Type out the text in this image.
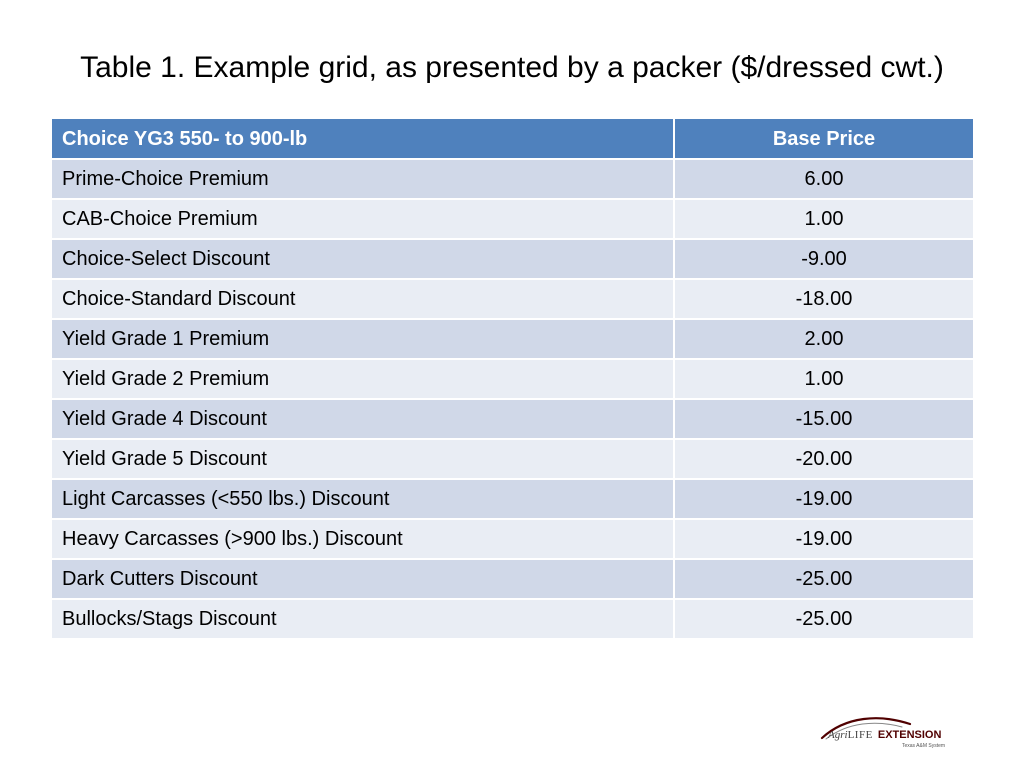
Table 1. Example grid, as presented by a packer ($/dressed cwt.)
Choice YG3 550- to 900-lb	Base Price
Prime-Choice Premium	6.00
CAB-Choice Premium	1.00
Choice-Select Discount	-9.00
Choice-Standard Discount	-18.00
Yield Grade 1 Premium	2.00
Yield Grade 2 Premium	1.00
Yield Grade 4 Discount	-15.00
Yield Grade 5 Discount	-20.00
Light Carcasses (<550 lbs.) Discount	-19.00
Heavy Carcasses (>900 lbs.) Discount	-19.00
Dark Cutters Discount	-25.00
Bullocks/Stags Discount	-25.00
AgriLIFE EXTENSION
Texas A&M System
